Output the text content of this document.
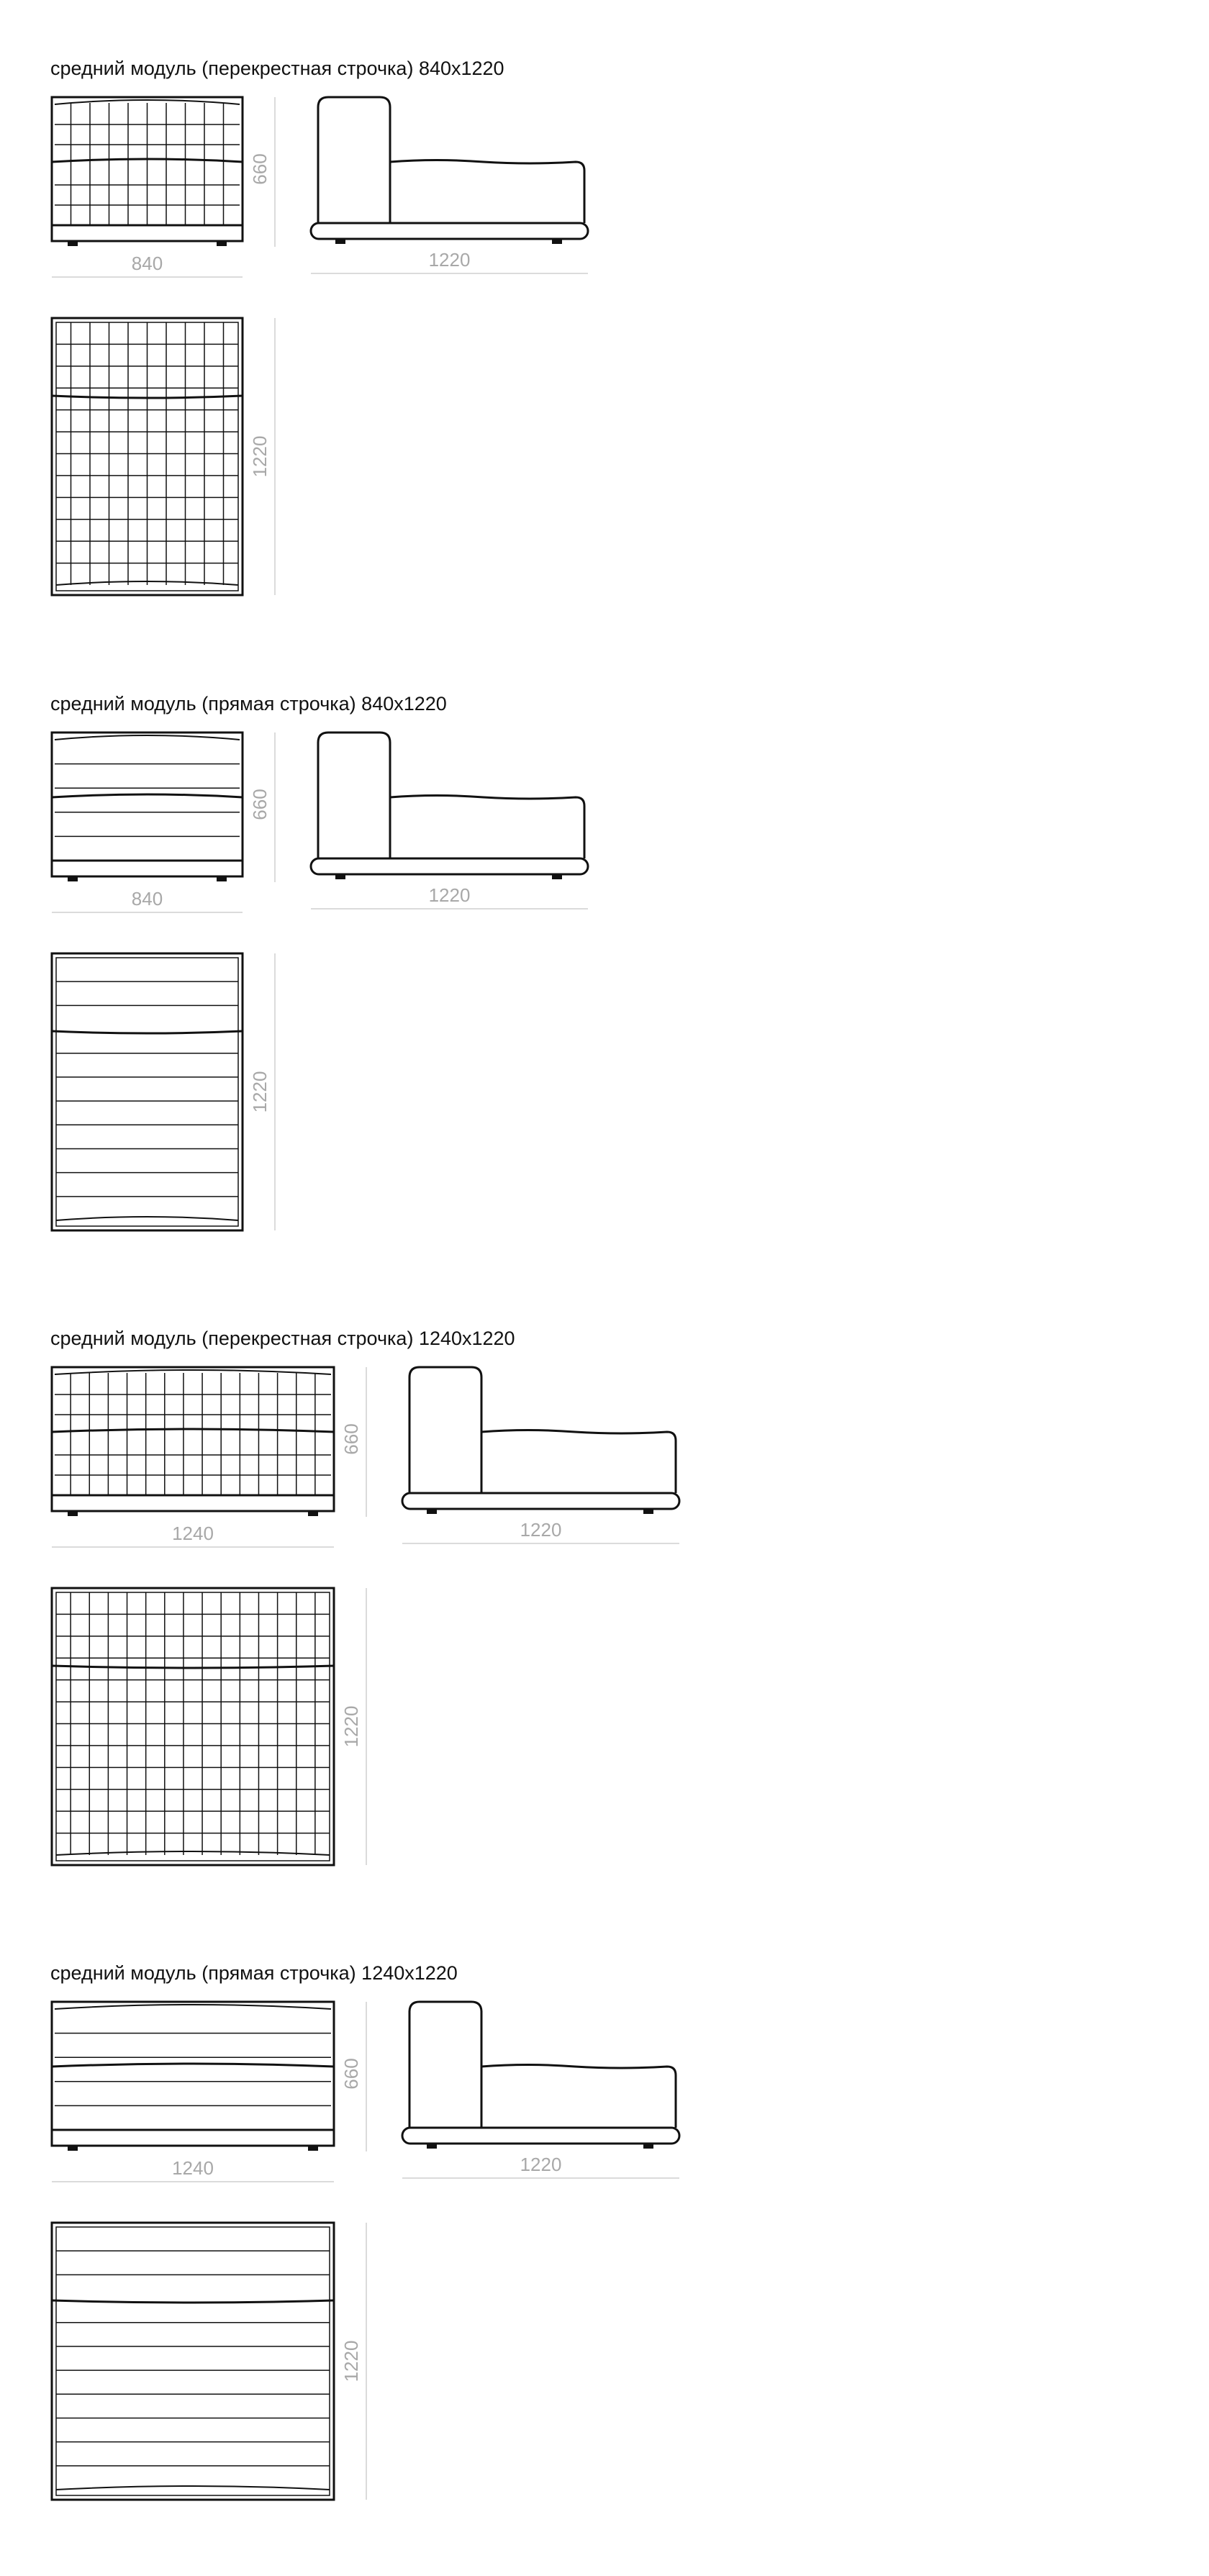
средний модуль (перекрестная строчка) 840x1220
средний модуль (прямая строчка) 840x1220
средний модуль (перекрестная строчка) 1240x1220
средний модуль (прямая строчка) 1240x1220
660
840	1220
1220
660
840	1220
1220
660
1240	1220
1220
660
1240	1220
1220
